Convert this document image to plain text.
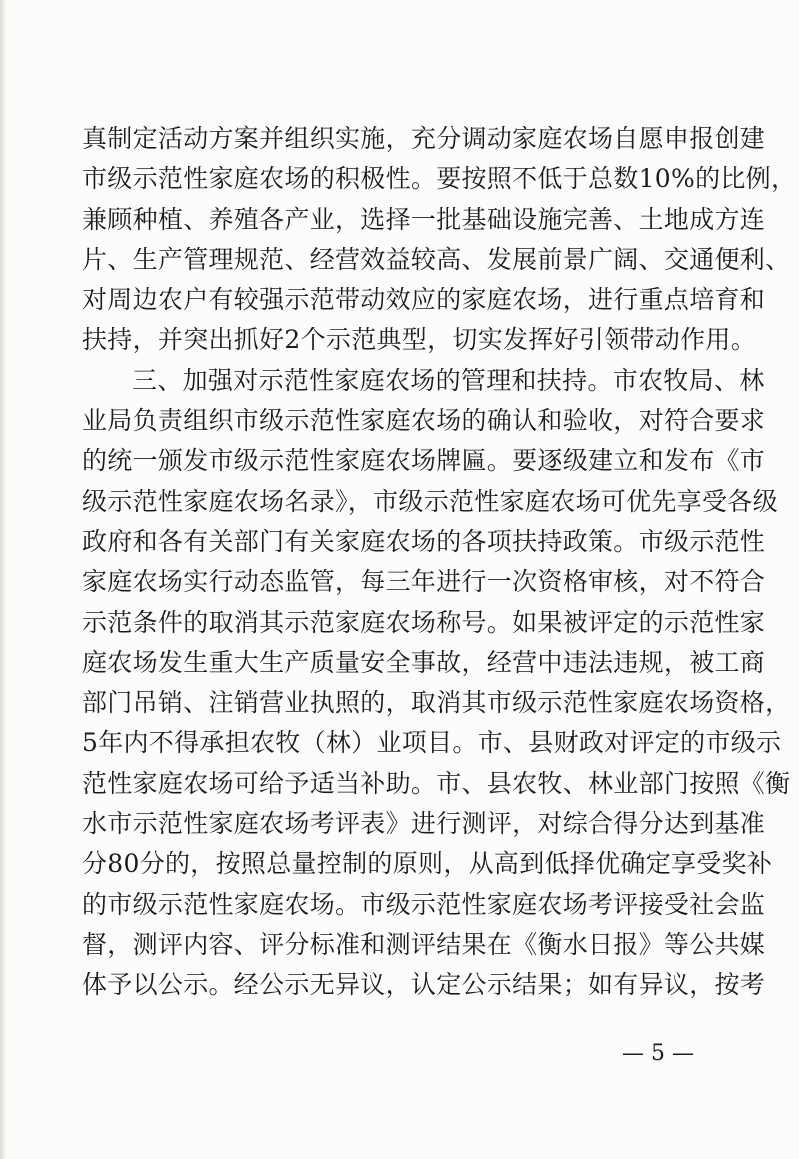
真制定活动方案并组织实施，充分调动家庭农场自愿申报创建
市级示范性家庭农场的积极性。要按照不低于总数10%的比例，
兼顾种植、养殖各产业，选择一批基础设施完善、土地成方连
片、生产管理规范、经营效益较高、发展前景广阔、交通便利、
对周边农户有较强示范带动效应的家庭农场，进行重点培育和
扶持，并突出抓好2个示范典型，切实发挥好引领带动作用。
三、加强对示范性家庭农场的管理和扶持。市农牧局、林
业局负责组织市级示范性家庭农场的确认和验收，对符合要求
的统一颁发市级示范性家庭农场牌匾。要逐级建立和发布《市
级示范性家庭农场名录》，市级示范性家庭农场可优先享受各级
政府和各有关部门有关家庭农场的各项扶持政策。市级示范性
家庭农场实行动态监管，每三年进行一次资格审核，对不符合
示范条件的取消其示范家庭农场称号。如果被评定的示范性家
庭农场发生重大生产质量安全事故，经营中违法违规，被工商
部门吊销、注销营业执照的，取消其市级示范性家庭农场资格，
5年内不得承担农牧（林）业项目。市、县财政对评定的市级示
范性家庭农场可给予适当补助。市、县农牧、林业部门按照《衡
水市示范性家庭农场考评表》进行测评，对综合得分达到基准
分80分的，按照总量控制的原则，从高到低择优确定享受奖补
的市级示范性家庭农场。市级示范性家庭农场考评接受社会监
督，测评内容、评分标准和测评结果在《衡水日报》等公共媒
体予以公示。经公示无异议，认定公示结果；如有异议，按考
— 5 —
